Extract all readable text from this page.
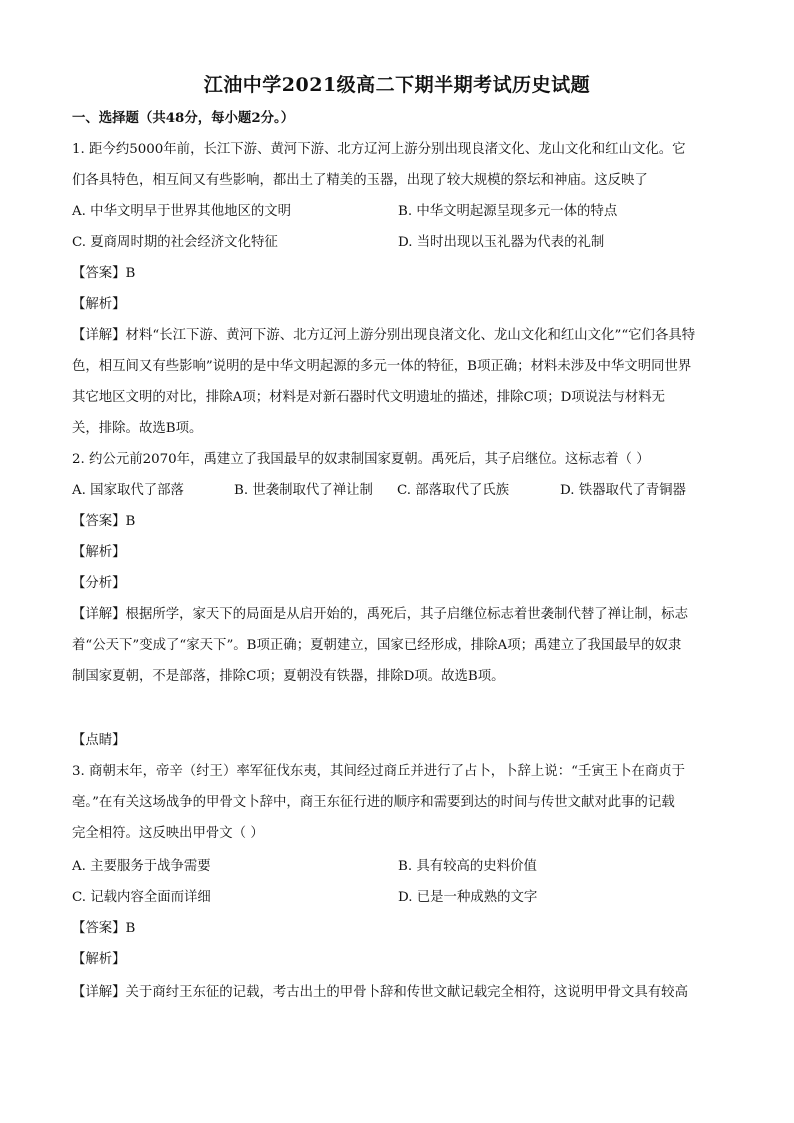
江油中学2021级高二下期半期考试历史试题
一、选择题（共48分，每小题2分。）
1. 距今约5000年前，长江下游、黄河下游、北方辽河上游分别出现良渚文化、龙山文化和红山文化。它
们各具特色，相互间又有些影响，都出土了精美的玉器，出现了较大规模的祭坛和神庙。这反映了
A. 中华文明早于世界其他地区的文明	B. 中华文明起源呈现多元一体的特点
C. 夏商周时期的社会经济文化特征	D. 当时出现以玉礼器为代表的礼制
【答案】B
【解析】
【详解】材料“长江下游、黄河下游、北方辽河上游分别出现良渚文化、龙山文化和红山文化”“它们各具特
色，相互间又有些影响”说明的是中华文明起源的多元一体的特征，B项正确；材料未涉及中华文明同世界
其它地区文明的对比，排除A项；材料是对新石器时代文明遗址的描述，排除C项；D项说法与材料无
关，排除。故选B项。
2. 约公元前2070年，禹建立了我国最早的奴隶制国家夏朝。禹死后，其子启继位。这标志着（ ）
A. 国家取代了部落	B. 世袭制取代了禅让制 C. 部落取代了氏族	D. 铁器取代了青铜器
【答案】B
【解析】
【分析】
【详解】根据所学，家天下的局面是从启开始的，禹死后，其子启继位标志着世袭制代替了禅让制，标志
着“公天下”变成了“家天下”。B项正确；夏朝建立，国家已经形成，排除A项；禹建立了我国最早的奴隶
制国家夏朝，不是部落，排除C项；夏朝没有铁器，排除D项。故选B项。
【点睛】
3. 商朝末年，帝辛（纣王）率军征伐东夷，其间经过商丘并进行了占卜，卜辞上说：“壬寅王卜在商贞于
亳。”在有关这场战争的甲骨文卜辞中，商王东征行进的顺序和需要到达的时间与传世文献对此事的记载
完全相符。这反映出甲骨文（ ）
A. 主要服务于战争需要	B. 具有较高的史料价值
C. 记载内容全面而详细	D. 已是一种成熟的文字
【答案】B
【解析】
【详解】关于商纣王东征的记载，考古出土的甲骨卜辞和传世文献记载完全相符，这说明甲骨文具有较高
